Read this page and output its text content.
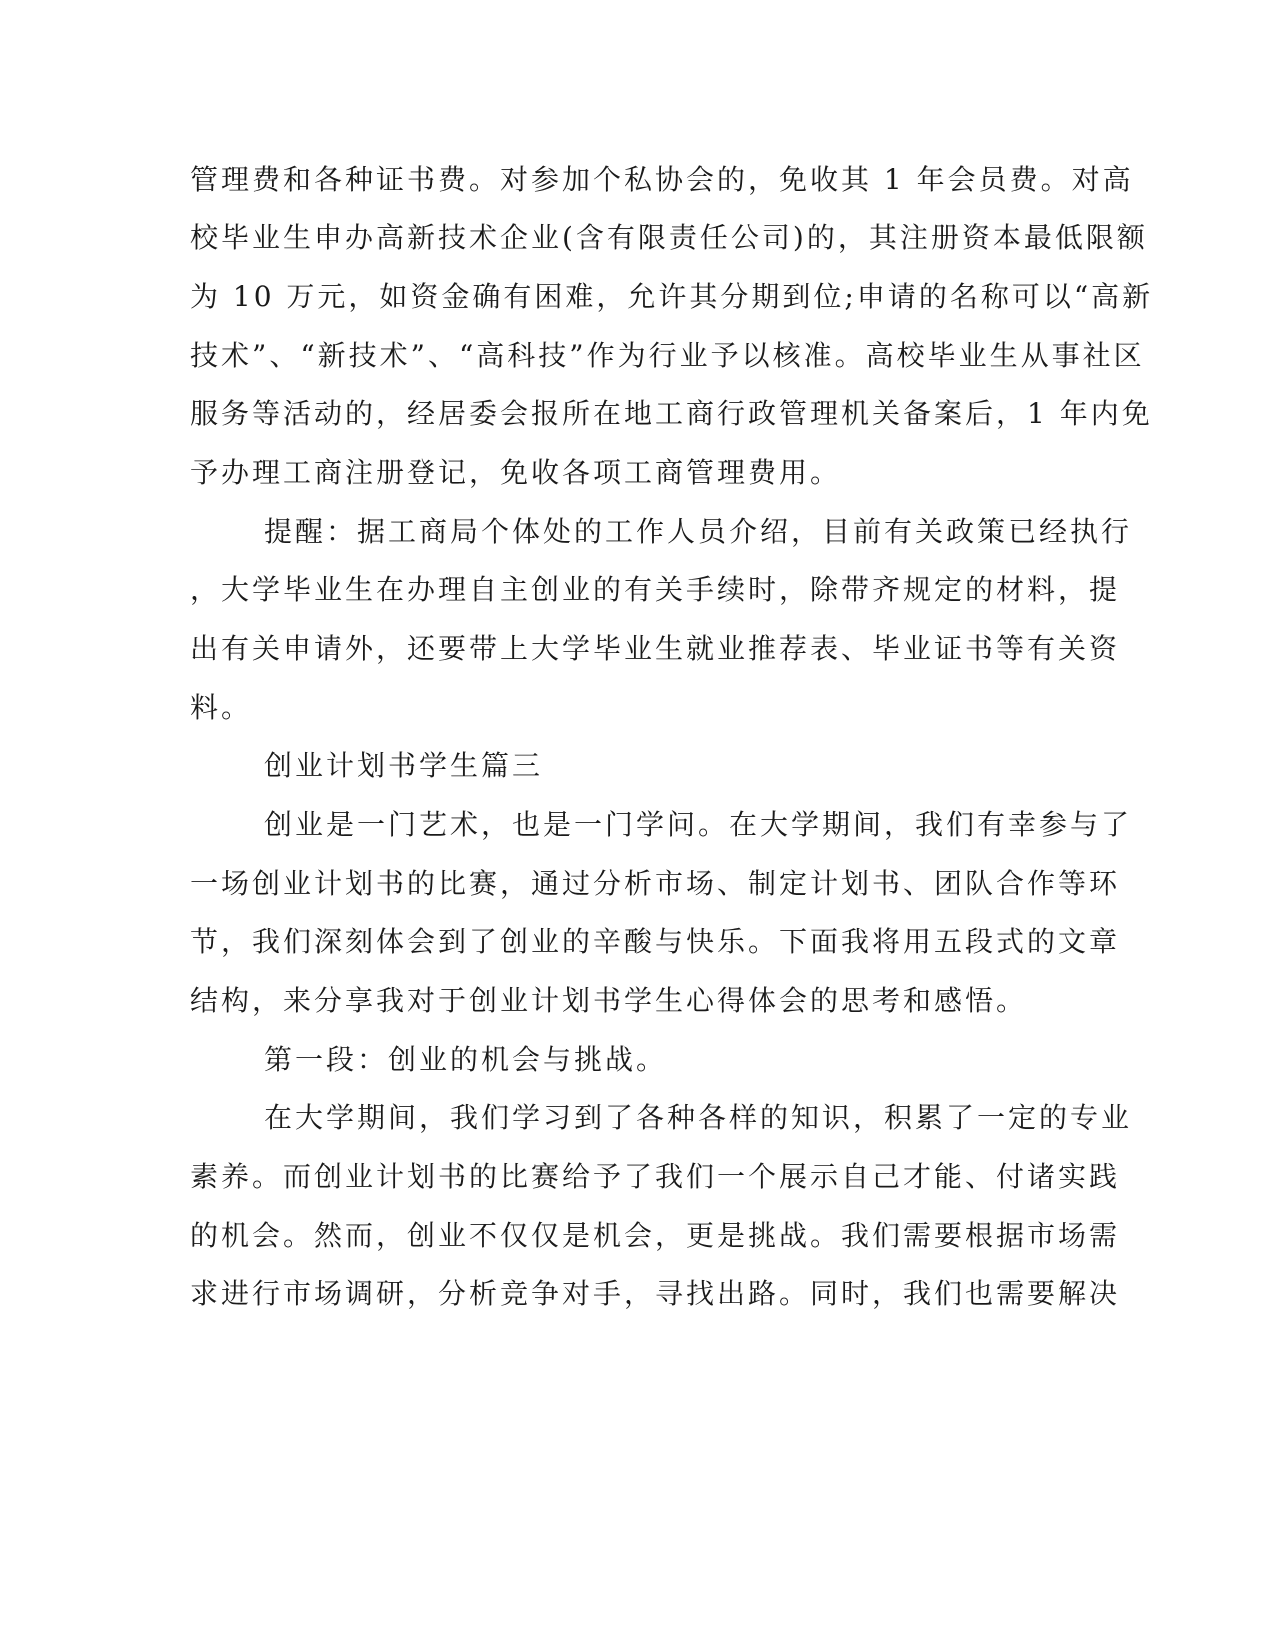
管理费和各种证书费。对参加个私协会的，免收其 1 年会员费。对高

校毕业生申办高新技术企业(含有限责任公司)的，其注册资本最低限额

为 10 万元，如资金确有困难，允许其分期到位;申请的名称可以“高新

技术”、“新技术”、“高科技”作为行业予以核准。高校毕业生从事社区

服务等活动的，经居委会报所在地工商行政管理机关备案后，1 年内免

予办理工商注册登记，免收各项工商管理费用。

提醒：据工商局个体处的工作人员介绍，目前有关政策已经执行

，大学毕业生在办理自主创业的有关手续时，除带齐规定的材料，提

出有关申请外，还要带上大学毕业生就业推荐表、毕业证书等有关资

料。

创业计划书学生篇三

创业是一门艺术，也是一门学问。在大学期间，我们有幸参与了

一场创业计划书的比赛，通过分析市场、制定计划书、团队合作等环

节，我们深刻体会到了创业的辛酸与快乐。下面我将用五段式的文章

结构，来分享我对于创业计划书学生心得体会的思考和感悟。

第一段：创业的机会与挑战。

在大学期间，我们学习到了各种各样的知识，积累了一定的专业

素养。而创业计划书的比赛给予了我们一个展示自己才能、付诸实践

的机会。然而，创业不仅仅是机会，更是挑战。我们需要根据市场需

求进行市场调研，分析竞争对手，寻找出路。同时，我们也需要解决
